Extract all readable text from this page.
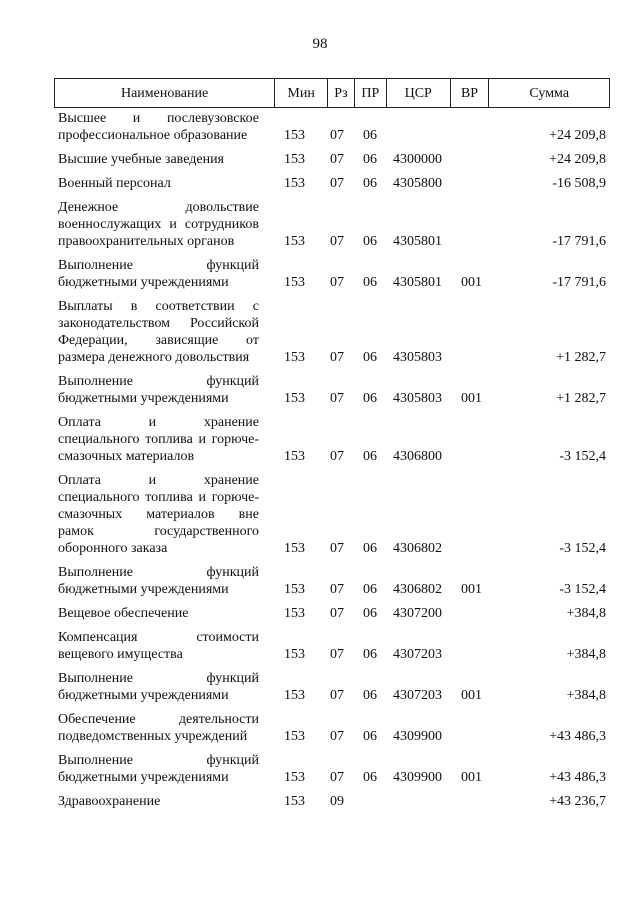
98
Наименование	Мин	Рз ПР	ЦСР	ВР	Сумма
Высшее и послевузовское
профессиональное образование	153	07	06	+24 209,8
Высшие учебные заведения	153	07	06	4300000	+24 209,8
Военный персонал	153	07	06	4305800	-16 508,9
Денежное довольствие
военнослужащих и сотрудников
правоохранительных органов	153	07	06	4305801	-17 791,6
Выполнение функций
бюджетными учреждениями	153	07	06	4305801	001	-17 791,6
Выплаты в соответствии с
законодательством Российской
Федерации, зависящие от
размера денежного довольствия	153	07	06	4305803	+1 282,7
Выполнение функций
бюджетными учреждениями	153	07	06	4305803	001	+1 282,7
Оплата и хранение
специального топлива и горюче-
смазочных материалов	153	07	06	4306800	-3 152,4
Оплата и хранение
специального топлива и горюче-
смазочных материалов вне
рамок государственного
оборонного заказа	153	07	06	4306802	-3 152,4
Выполнение функций
бюджетными учреждениями	153	07	06	4306802	001	-3 152,4
Вещевое обеспечение	153	07	06	4307200	+384,8
Компенсация стоимости
вещевого имущества	153	07	06	4307203	+384,8
Выполнение функций
бюджетными учреждениями	153	07	06	4307203	001	+384,8
Обеспечение деятельности
подведомственных учреждений	153	07	06	4309900	+43 486,3
Выполнение функций
бюджетными учреждениями	153	07	06	4309900	001	+43 486,3
Здравоохранение	153	09	+43 236,7
